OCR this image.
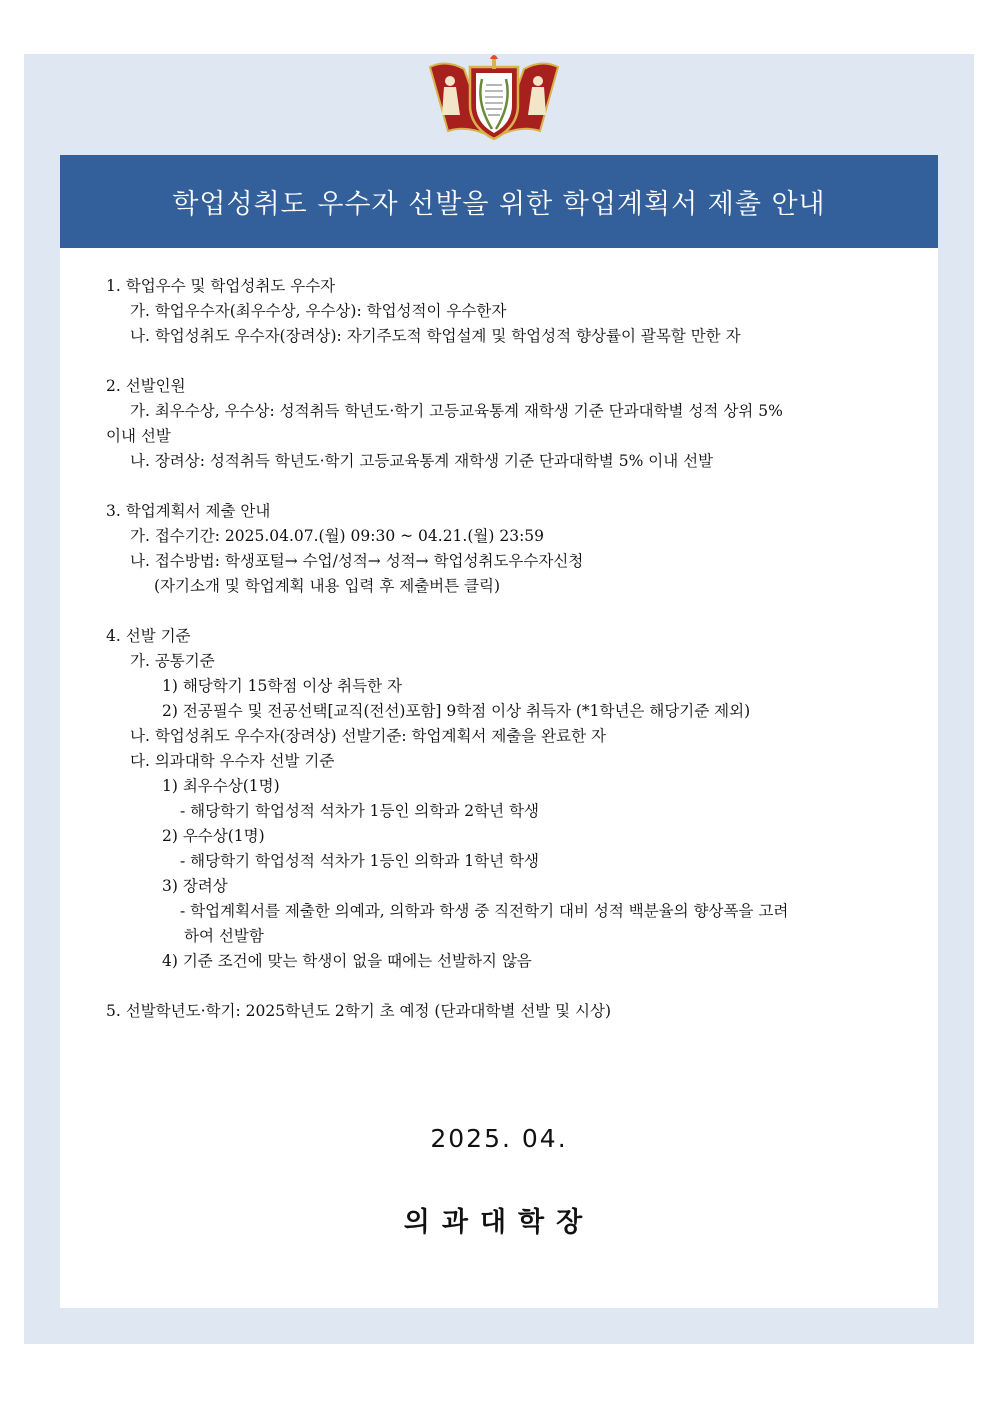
학업성취도 우수자 선발을 위한 학업계획서 제출 안내
1. 학업우수 및 학업성취도 우수자
가. 학업우수자(최우수상, 우수상): 학업성적이 우수한자
나. 학업성취도 우수자(장려상): 자기주도적 학업설계 및 학업성적 향상률이 괄목할 만한 자
2. 선발인원
가. 최우수상, 우수상: 성적취득 학년도·학기 고등교육통계 재학생 기준 단과대학별 성적 상위 5%
이내 선발
나. 장려상: 성적취득 학년도·학기 고등교육통계 재학생 기준 단과대학별 5% 이내 선발
3. 학업계획서 제출 안내
가. 접수기간: 2025.04.07.(월) 09:30 ~ 04.21.(월) 23:59
나. 접수방법: 학생포털→ 수업/성적→ 성적→ 학업성취도우수자신청
(자기소개 및 학업계획 내용 입력 후 제출버튼 클릭)
4. 선발 기준
가. 공통기준
1) 해당학기 15학점 이상 취득한 자
2) 전공필수 및 전공선택[교직(전선)포함] 9학점 이상 취득자 (*1학년은 해당기준 제외)
나. 학업성취도 우수자(장려상) 선발기준: 학업계획서 제출을 완료한 자
다. 의과대학 우수자 선발 기준
1) 최우수상(1명)
- 해당학기 학업성적 석차가 1등인 의학과 2학년 학생
2) 우수상(1명)
- 해당학기 학업성적 석차가 1등인 의학과 1학년 학생
3) 장려상
- 학업계획서를 제출한 의예과, 의학과 학생 중 직전학기 대비 성적 백분율의 향상폭을 고려
하여 선발함
4) 기준 조건에 맞는 학생이 없을 때에는 선발하지 않음
5. 선발학년도·학기: 2025학년도 2학기 초 예정 (단과대학별 선발 및 시상)
2025. 04.
의과대학장
